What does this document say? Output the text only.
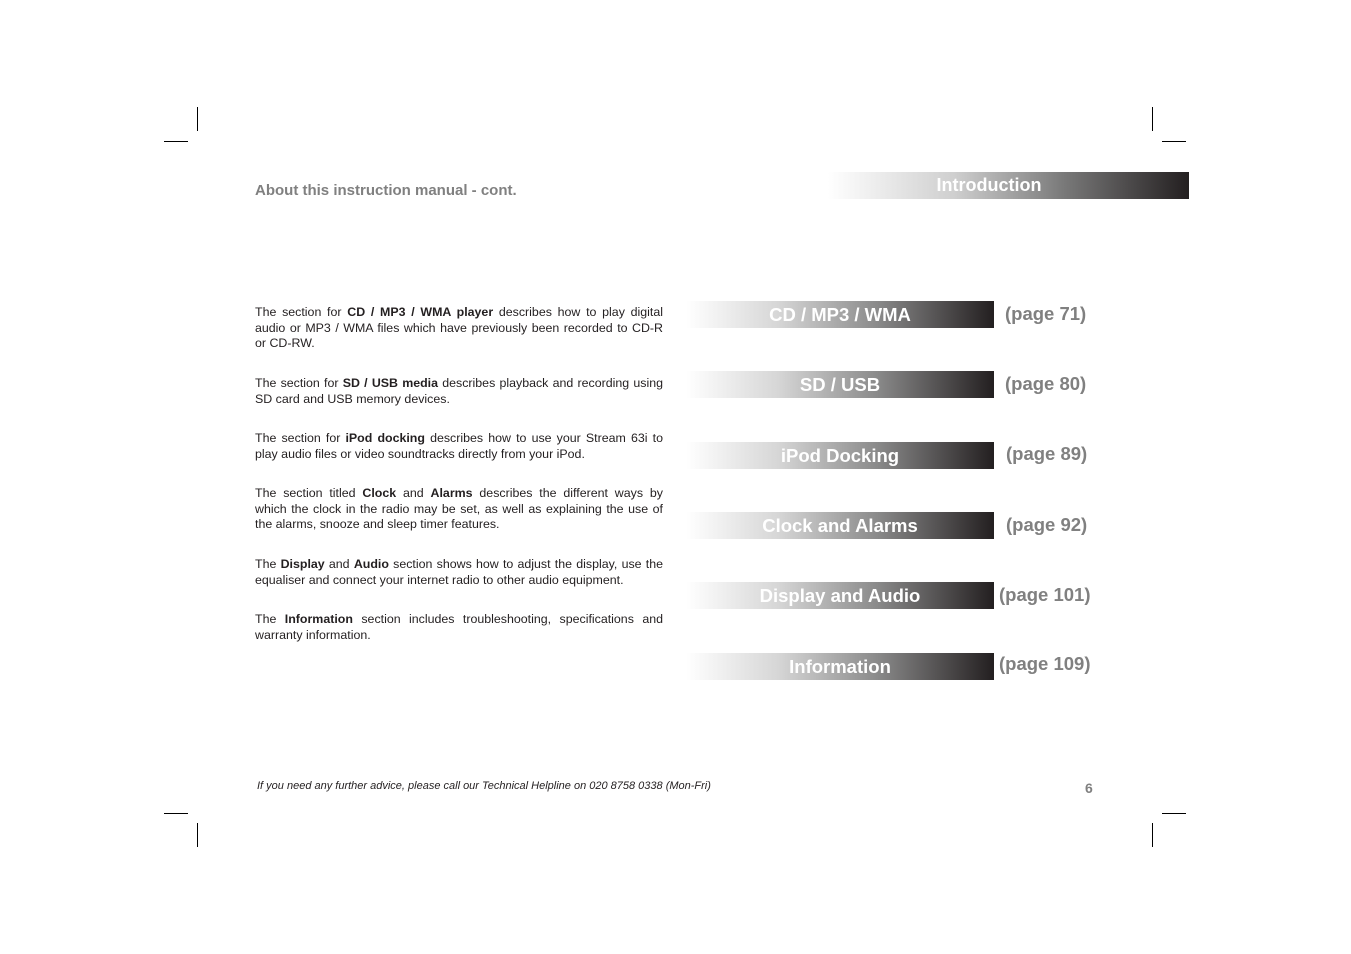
About this instruction manual - cont.	Introduction
The section for CD / MP3 / WMA player describes how to play digital audio or MP3 / WMA files which have previously been recorded to CD-R or CD-RW.
The section for SD / USB media describes playback and recording using SD card and USB memory devices.
The section for iPod docking describes how to use your Stream 63i to play audio files or video soundtracks directly from your iPod.
The section titled Clock and Alarms describes the different ways by which the clock in the radio may be set, as well as explaining the use of the alarms, snooze and sleep timer features.
The Display and Audio section shows how to adjust the display, use the equaliser and connect your internet radio to other audio equipment.
The Information section includes troubleshooting, specifications and warranty information.
CD / MP3 / WMA	(page 71)
SD / USB	(page 80)
iPod Docking	(page 89)
Clock and Alarms	(page 92)
Display and Audio	(page 101)
Information	(page 109)
If you need any further advice, please call our Technical Helpline on 020 8758 0338 (Mon-Fri)	6
